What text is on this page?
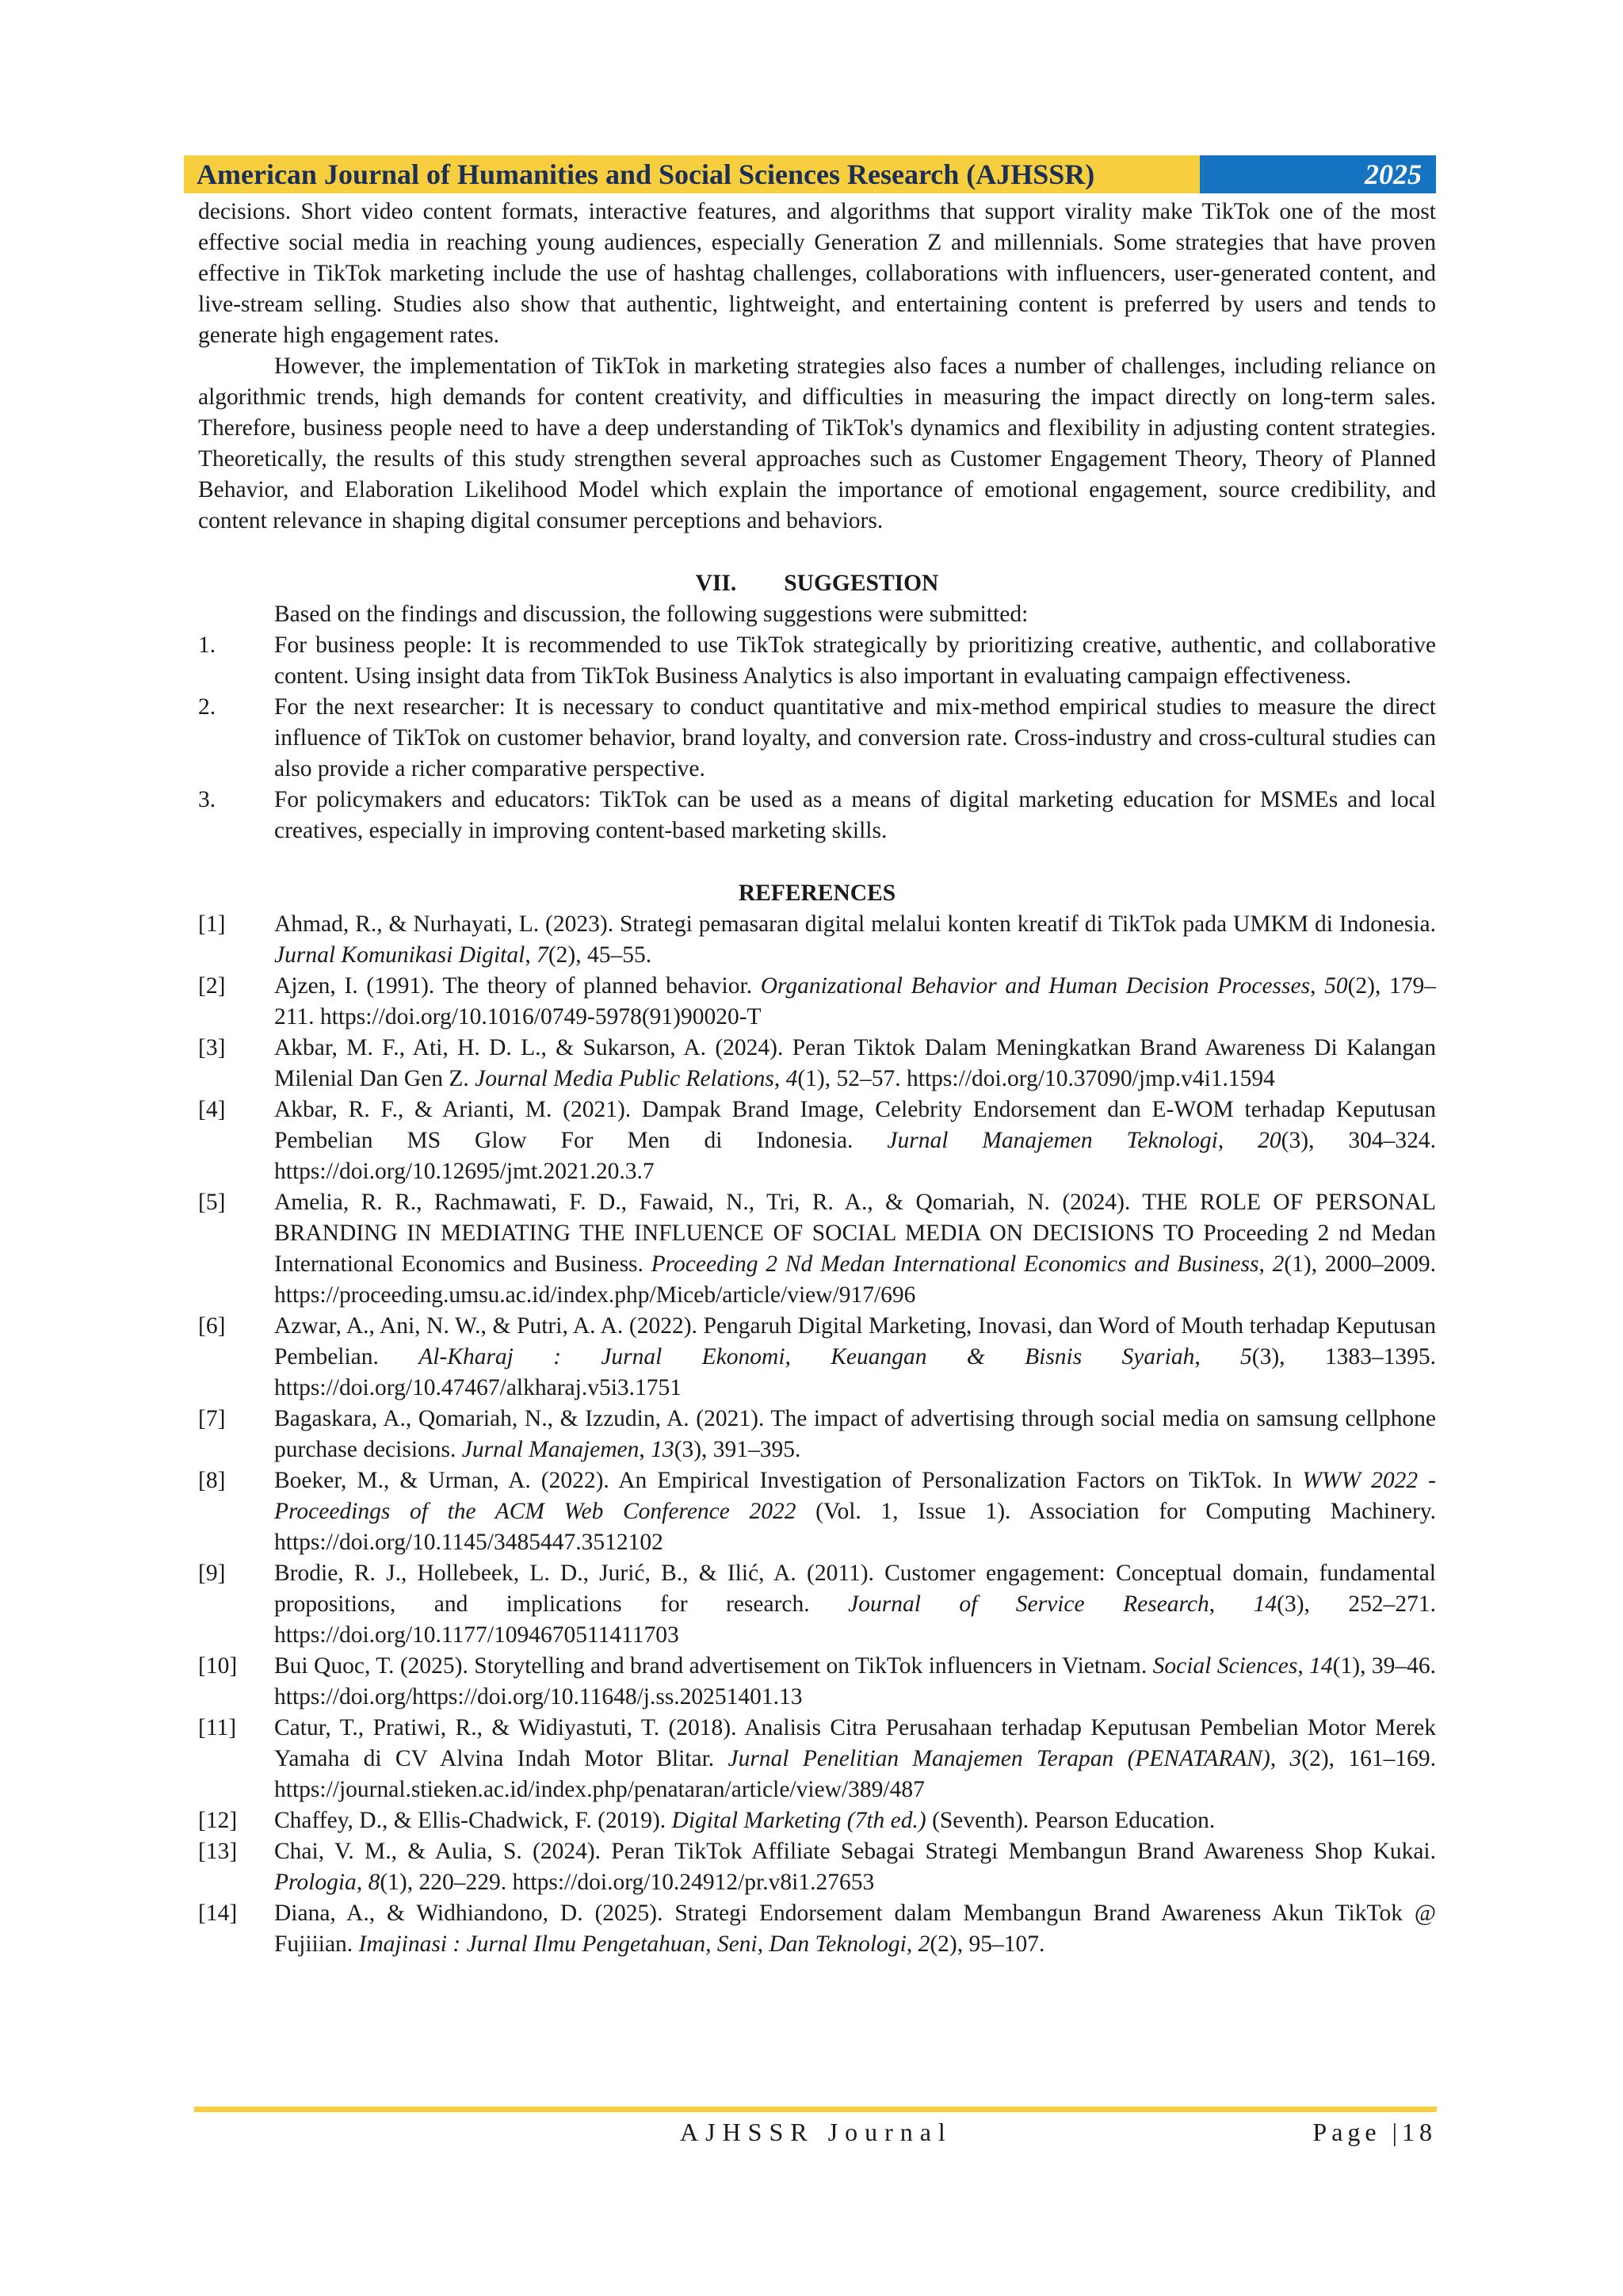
American Journal of Humanities and Social Sciences Research (AJHSSR)	2025

decisions. Short video content formats, interactive features, and algorithms that support virality make TikTok one of the most effective social media in reaching young audiences, especially Generation Z and millennials. Some strategies that have proven effective in TikTok marketing include the use of hashtag challenges, collaborations with influencers, user-generated content, and live-stream selling. Studies also show that authentic, lightweight, and entertaining content is preferred by users and tends to generate high engagement rates.

However, the implementation of TikTok in marketing strategies also faces a number of challenges, including reliance on algorithmic trends, high demands for content creativity, and difficulties in measuring the impact directly on long-term sales. Therefore, business people need to have a deep understanding of TikTok's dynamics and flexibility in adjusting content strategies. Theoretically, the results of this study strengthen several approaches such as Customer Engagement Theory, Theory of Planned Behavior, and Elaboration Likelihood Model which explain the importance of emotional engagement, source credibility, and content relevance in shaping digital consumer perceptions and behaviors.

VII. SUGGESTION

Based on the findings and discussion, the following suggestions were submitted:

1.	For business people: It is recommended to use TikTok strategically by prioritizing creative, authentic, and collaborative content. Using insight data from TikTok Business Analytics is also important in evaluating campaign effectiveness.
2.	For the next researcher: It is necessary to conduct quantitative and mix-method empirical studies to measure the direct influence of TikTok on customer behavior, brand loyalty, and conversion rate. Cross-industry and cross-cultural studies can also provide a richer comparative perspective.
3.	For policymakers and educators: TikTok can be used as a means of digital marketing education for MSMEs and local creatives, especially in improving content-based marketing skills.
REFERENCES
[1]	Ahmad, R., & Nurhayati, L. (2023). Strategi pemasaran digital melalui konten kreatif di TikTok pada UMKM di Indonesia. Jurnal Komunikasi Digital, 7(2), 45–55.
[2]	Ajzen, I. (1991). The theory of planned behavior. Organizational Behavior and Human Decision Processes, 50(2), 179–211. https://doi.org/10.1016/0749-5978(91)90020-T
[3]	Akbar, M. F., Ati, H. D. L., & Sukarson, A. (2024). Peran Tiktok Dalam Meningkatkan Brand Awareness Di Kalangan Milenial Dan Gen Z. Journal Media Public Relations, 4(1), 52–57. https://doi.org/10.37090/jmp.v4i1.1594
[4]	Akbar, R. F., & Arianti, M. (2021). Dampak Brand Image, Celebrity Endorsement dan E-WOM terhadap Keputusan Pembelian MS Glow For Men di Indonesia. Jurnal Manajemen Teknologi, 20(3), 304–324. https://doi.org/10.12695/jmt.2021.20.3.7
[5]	Amelia, R. R., Rachmawati, F. D., Fawaid, N., Tri, R. A., & Qomariah, N. (2024). THE ROLE OF PERSONAL BRANDING IN MEDIATING THE INFLUENCE OF SOCIAL MEDIA ON DECISIONS TO Proceeding 2 nd Medan International Economics and Business. Proceeding 2 Nd Medan International Economics and Business, 2(1), 2000–2009. https://proceeding.umsu.ac.id/index.php/Miceb/article/view/917/696
[6]	Azwar, A., Ani, N. W., & Putri, A. A. (2022). Pengaruh Digital Marketing, Inovasi, dan Word of Mouth terhadap Keputusan Pembelian. Al-Kharaj : Jurnal Ekonomi, Keuangan & Bisnis Syariah, 5(3), 1383–1395. https://doi.org/10.47467/alkharaj.v5i3.1751
[7]	Bagaskara, A., Qomariah, N., & Izzudin, A. (2021). The impact of advertising through social media on samsung cellphone purchase decisions. Jurnal Manajemen, 13(3), 391–395.
[8]	Boeker, M., & Urman, A. (2022). An Empirical Investigation of Personalization Factors on TikTok. In WWW 2022 - Proceedings of the ACM Web Conference 2022 (Vol. 1, Issue 1). Association for Computing Machinery. https://doi.org/10.1145/3485447.3512102
[9]	Brodie, R. J., Hollebeek, L. D., Jurić, B., & Ilić, A. (2011). Customer engagement: Conceptual domain, fundamental propositions, and implications for research. Journal of Service Research, 14(3), 252–271. https://doi.org/10.1177/1094670511411703
[10]	Bui Quoc, T. (2025). Storytelling and brand advertisement on TikTok influencers in Vietnam. Social Sciences, 14(1), 39–46. https://doi.org/https://doi.org/10.11648/j.ss.20251401.13
[11]	Catur, T., Pratiwi, R., & Widiyastuti, T. (2018). Analisis Citra Perusahaan terhadap Keputusan Pembelian Motor Merek Yamaha di CV Alvina Indah Motor Blitar. Jurnal Penelitian Manajemen Terapan (PENATARAN), 3(2), 161–169. https://journal.stieken.ac.id/index.php/penataran/article/view/389/487
[12]	Chaffey, D., & Ellis-Chadwick, F. (2019). Digital Marketing (7th ed.) (Seventh). Pearson Education.
[13]	Chai, V. M., & Aulia, S. (2024). Peran TikTok Affiliate Sebagai Strategi Membangun Brand Awareness Shop Kukai. Prologia, 8(1), 220–229. https://doi.org/10.24912/pr.v8i1.27653
[14]	Diana, A., & Widhiandono, D. (2025). Strategi Endorsement dalam Membangun Brand Awareness Akun TikTok @ Fujiiian. Imajinasi : Jurnal Ilmu Pengetahuan, Seni, Dan Teknologi, 2(2), 95–107.
AJHSSR Journal	Page |18
